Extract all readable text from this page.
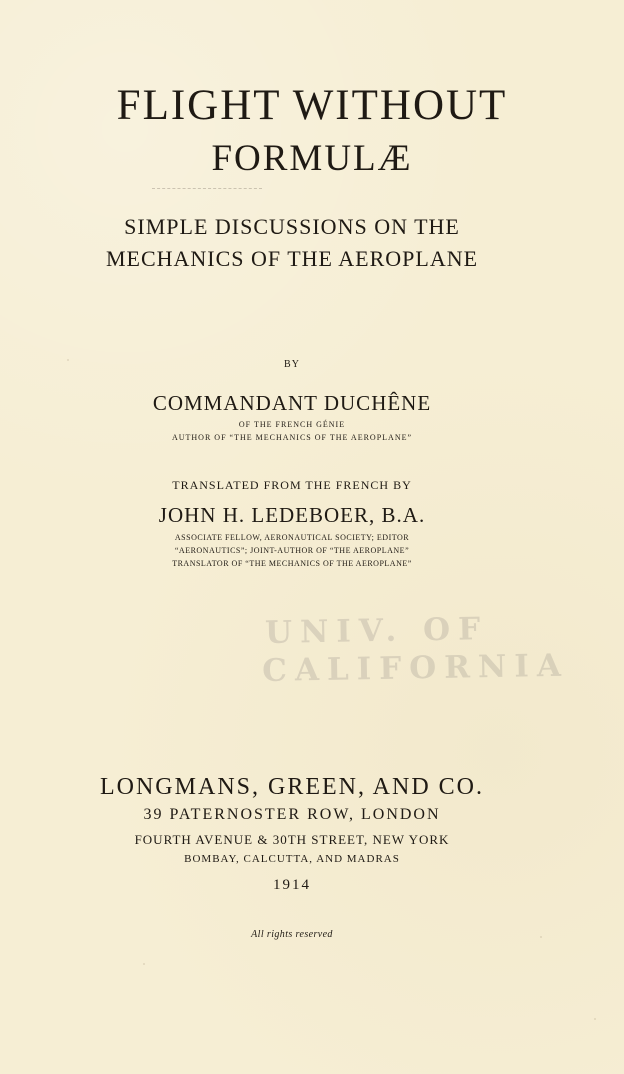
FLIGHT WITHOUT
FORMULÆ
SIMPLE DISCUSSIONS ON THE
MECHANICS OF THE AEROPLANE
BY
COMMANDANT DUCHÊNE
OF THE FRENCH GÉNIE
AUTHOR OF “THE MECHANICS OF THE AEROPLANE”
TRANSLATED FROM THE FRENCH BY
JOHN H. LEDEBOER, B.A.
ASSOCIATE FELLOW, AERONAUTICAL SOCIETY; EDITOR
“AERONAUTICS”; JOINT-AUTHOR OF “THE AEROPLANE”
TRANSLATOR OF “THE MECHANICS OF THE AEROPLANE”
UNIV. OF
CALIFORNIA
LONGMANS, GREEN, AND CO.
39 PATERNOSTER ROW, LONDON
FOURTH AVENUE & 30TH STREET, NEW YORK
BOMBAY, CALCUTTA, AND MADRAS
1914
All rights reserved
